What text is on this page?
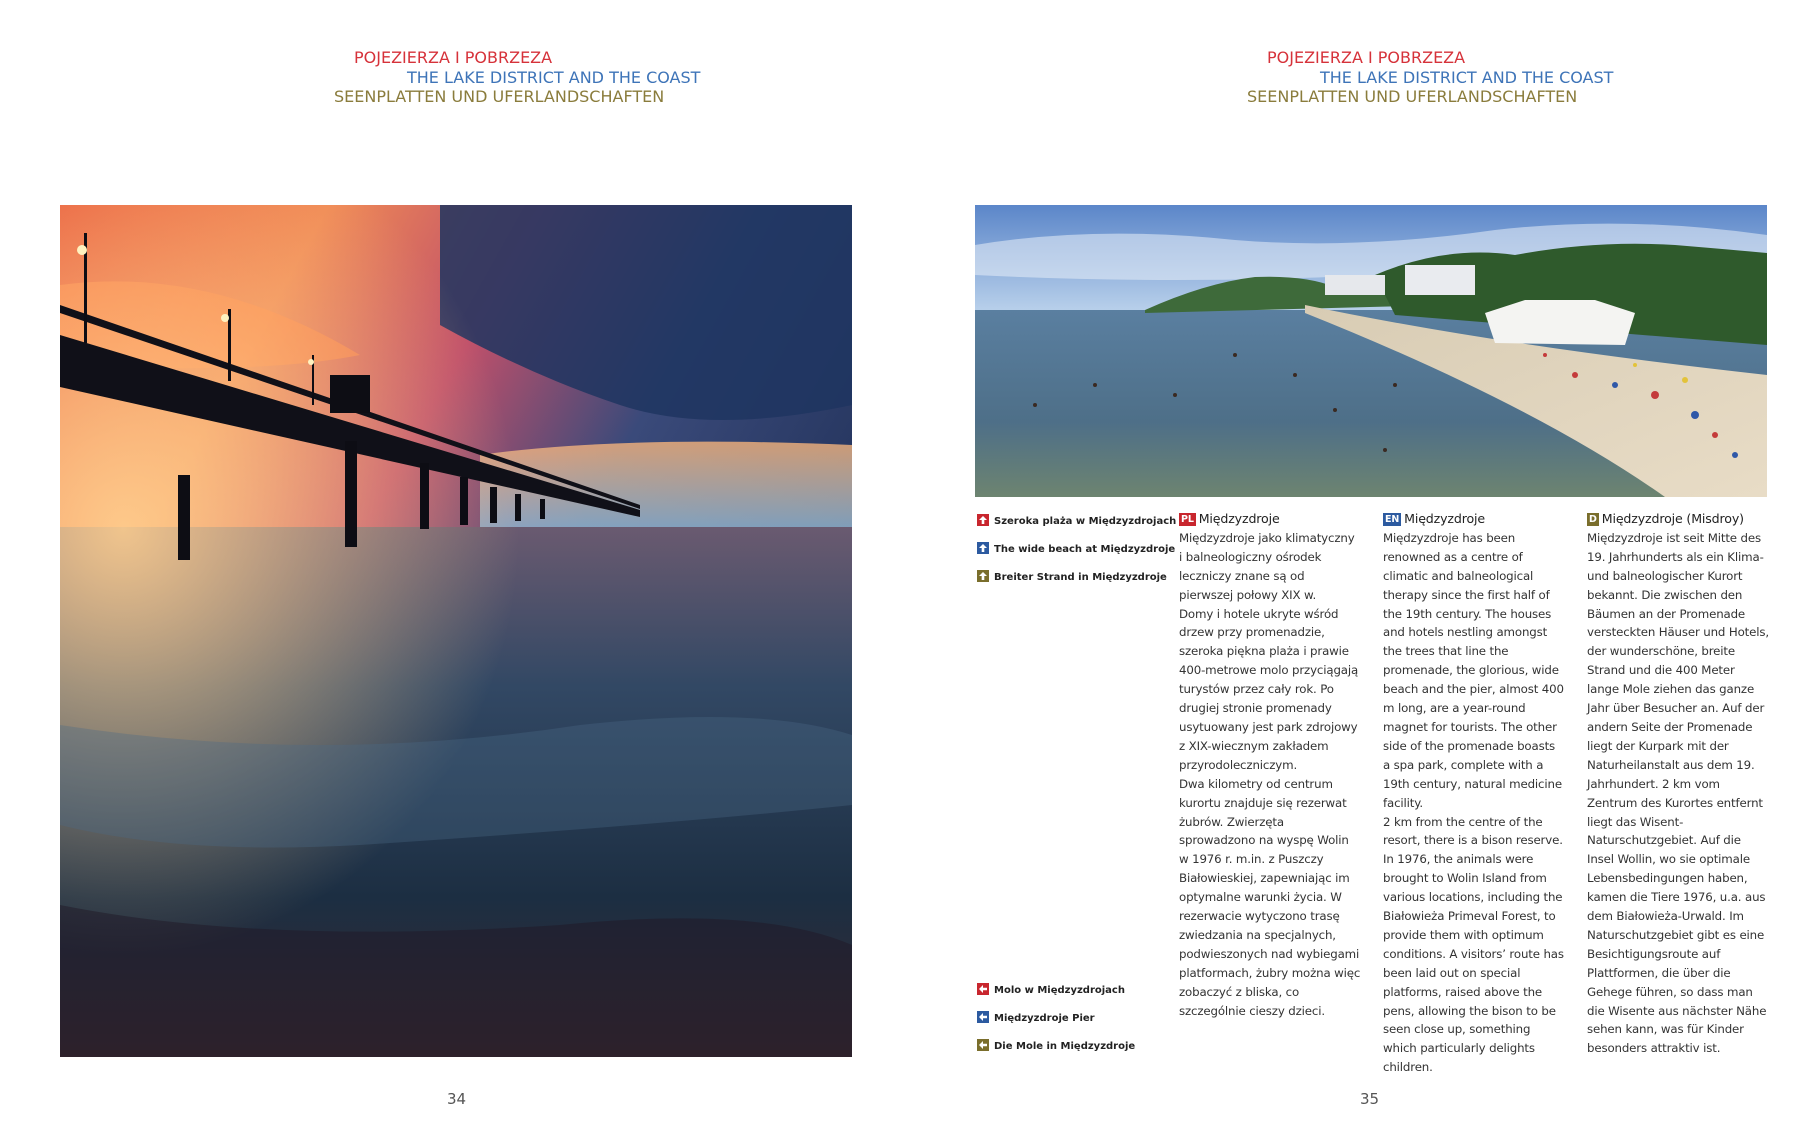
POJEZIERZA I POBRZEZA
THE LAKE DISTRICT AND THE COAST
SEENPLATTEN UND UFERLANDSCHAFTEN
34
POJEZIERZA I POBRZEZA
THE LAKE DISTRICT AND THE COAST
SEENPLATTEN UND UFERLANDSCHAFTEN
Szeroka plaża w Międzyzdrojach
The wide beach at Międzyzdroje
Breiter Strand in Międzyzdroje
Molo w Międzyzdrojach
Międzyzdroje Pier
Die Mole in Międzyzdroje
PL Międzyzdroje

Międzyzdroje jako klimatyczny i balneologiczny ośrodek leczniczy znane są od pierwszej połowy XIX w.

Domy i hotele ukryte wśród drzew przy promenadzie, szeroka piękna plaża i prawie 400-metrowe molo przyciągają turystów przez cały rok. Po drugiej stronie promenady usytuowany jest park zdrojowy z XIX-wiecznym zakładem przyrodoleczniczym.

Dwa kilometry od centrum kurortu znajduje się rezerwat żubrów. Zwierzęta sprowadzono na wyspę Wolin w 1976 r. m.in. z Puszczy Białowieskiej, zapewniając im optymalne warunki życia. W rezerwacie wytyczono trasę zwiedzania na specjalnych, podwieszonych nad wybiegami platformach, żubry można więc zobaczyć z bliska, co szczególnie cieszy dzieci.

EN Międzyzdroje

Międzyzdroje has been renowned as a centre of climatic and balneological therapy since the first half of the 19th century. The houses and hotels nestling amongst the trees that line the promenade, the glorious, wide beach and the pier, almost 400 m long, are a year-round magnet for tourists. The other side of the promenade boasts a spa park, complete with a 19th century, natural medicine facility.

2 km from the centre of the resort, there is a bison reserve. In 1976, the animals were brought to Wolin Island from various locations, including the Białowieża Primeval Forest, to provide them with optimum conditions. A visitors’ route has been laid out on special platforms, raised above the pens, allowing the bison to be seen close up, something which particularly delights children.

D Międzyzdroje (Misdroy)

Międzyzdroje ist seit Mitte des 19. Jahrhunderts als ein Klima- und balneologischer Kurort bekannt. Die zwischen den Bäumen an der Promenade versteckten Häuser und Hotels, der wunderschöne, breite Strand und die 400 Meter lange Mole ziehen das ganze Jahr über Besucher an. Auf der andern Seite der Promenade liegt der Kurpark mit der Naturheilanstalt aus dem 19. Jahrhundert. 2 km vom Zentrum des Kurortes entfernt liegt das Wisent-Naturschutzgebiet. Auf die Insel Wollin, wo sie optimale Lebensbedingungen haben, kamen die Tiere 1976, u.a. aus dem Białowieża-Urwald. Im Naturschutzgebiet gibt es eine Besichtigungsroute auf Plattformen, die über die Gehege führen, so dass man die Wisente aus nächster Nähe sehen kann, was für Kinder besonders attraktiv ist.

35
